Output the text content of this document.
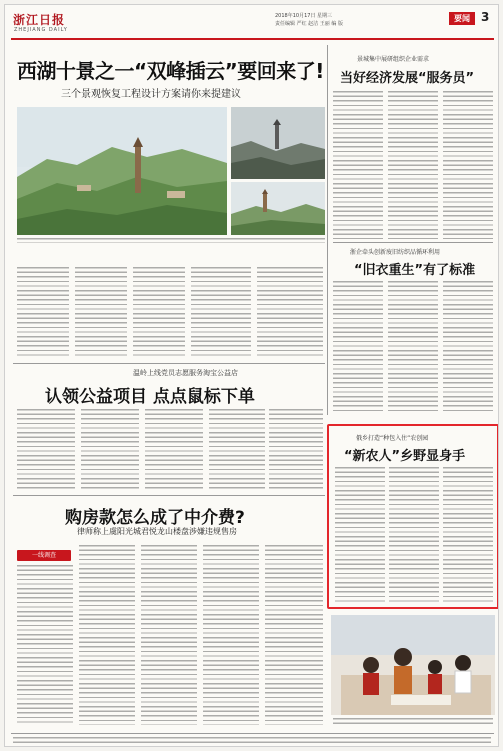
浙江日报
ZHEJIANG DAILY
2018年10月17日 星期三
责任编辑 严红 赵洁 王丽 编 版
要闻 3
西湖十景之一“双峰插云”要回来了!
三个景观恢复工程设计方案请你来提建议
景城集中展研组织企业需求
当好经济发展“服务员”
浙企牵头创新废旧纺织品循环利用
“旧衣重生”有了标准
温岭上线党员志愿服务淘宝公益店
认领公益项目 点点鼠标下单
购房款怎么成了中介费?
律师称上虞阳光城君悦龙山楼盘涉嫌违规售房
一线调查
俄乡打造“种包入住”农创园
“新农人”乡野显身手
